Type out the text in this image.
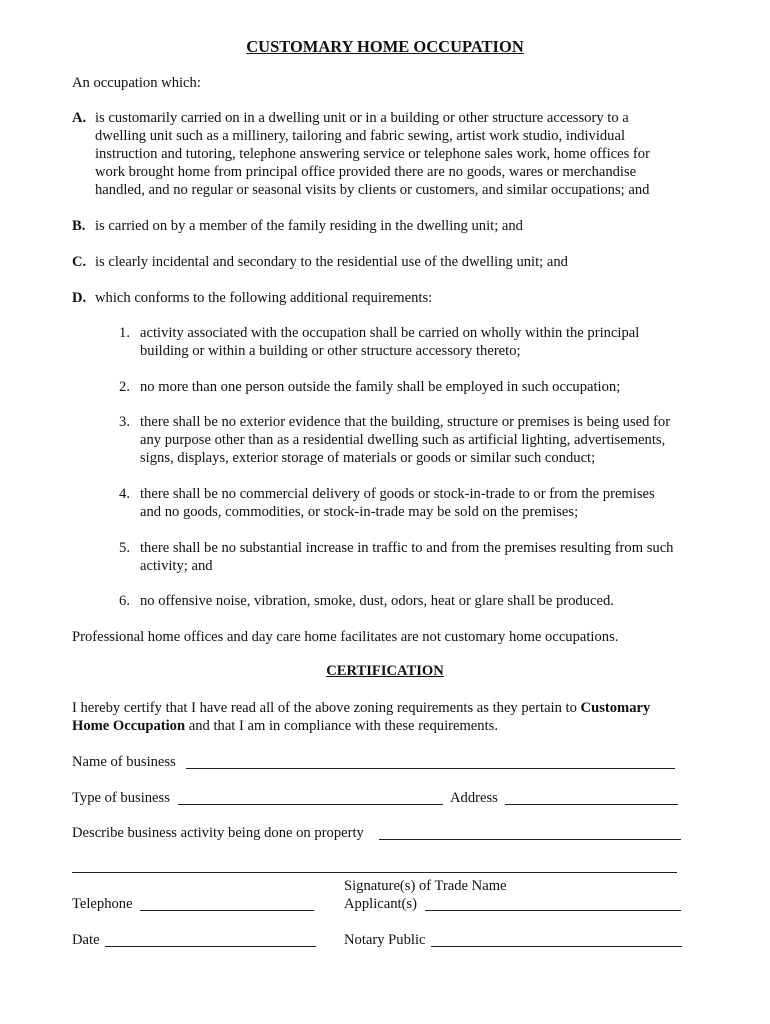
CUSTOMARY HOME OCCUPATION
An occupation which:
A. is customarily carried on in a dwelling unit or in a building or other structure accessory to a
dwelling unit such as a millinery, tailoring and fabric sewing, artist work studio, individual
instruction and tutoring, telephone answering service or telephone sales work, home offices for
work brought home from principal office provided there are no goods, wares or merchandise
handled, and no regular or seasonal visits by clients or customers, and similar occupations; and
B. is carried on by a member of the family residing in the dwelling unit; and
C. is clearly incidental and secondary to the residential use of the dwelling unit; and
D. which conforms to the following additional requirements:
1. activity associated with the occupation shall be carried on wholly within the principal
building or within a building or other structure accessory thereto;
2. no more than one person outside the family shall be employed in such occupation;
3. there shall be no exterior evidence that the building, structure or premises is being used for
any purpose other than as a residential dwelling such as artificial lighting, advertisements,
signs, displays, exterior storage of materials or goods or similar such conduct;
4. there shall be no commercial delivery of goods or stock-in-trade to or from the premises
and no goods, commodities, or stock-in-trade may be sold on the premises;
5. there shall be no substantial increase in traffic to and from the premises resulting from such
activity; and
6. no offensive noise, vibration, smoke, dust, odors, heat or glare shall be produced.
Professional home offices and day care home facilitates are not customary home occupations.
CERTIFICATION
I hereby certify that I have read all of the above zoning requirements as they pertain to Customary
Home Occupation and that I am in compliance with these requirements.
Name of business
Type of business	Address
Describe business activity being done on property
Signature(s) of Trade Name
Telephone	Applicant(s)
Date	Notary Public
